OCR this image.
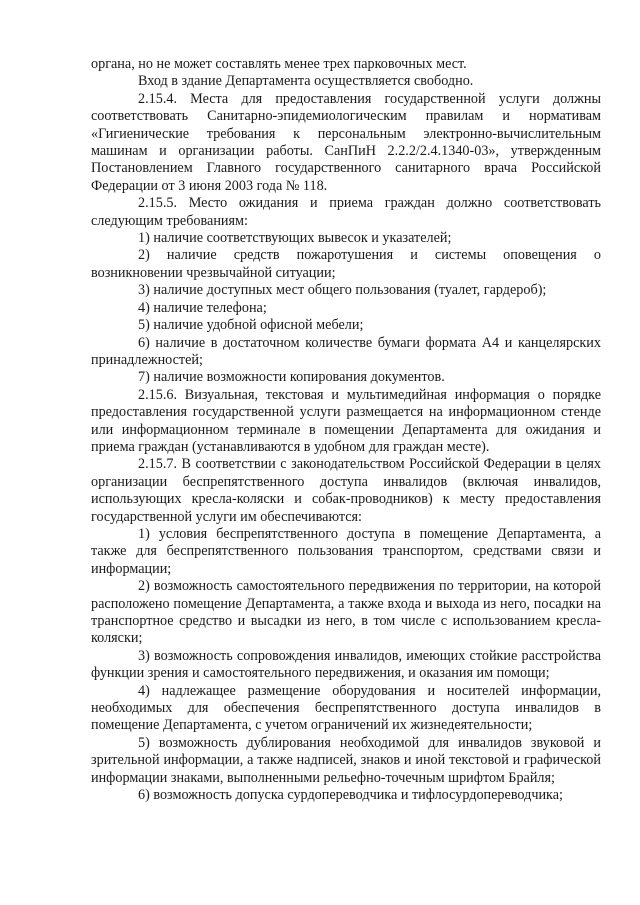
органа, но не может составлять менее трех парковочных мест.

Вход в здание Департамента осуществляется свободно.

2.15.4. Места для предоставления государственной услуги должны соответствовать Санитарно-эпидемиологическим правилам и нормативам «Гигиенические требования к персональным электронно-вычислительным машинам и организации работы. СанПиН 2.2.2/2.4.1340-03», утвержденным Постановлением Главного государственного санитарного врача Российской Федерации от 3 июня 2003 года № 118.

2.15.5. Место ожидания и приема граждан должно соответствовать следующим требованиям:

1) наличие соответствующих вывесок и указателей;

2) наличие средств пожаротушения и системы оповещения о возникновении чрезвычайной ситуации;

3) наличие доступных мест общего пользования (туалет, гардероб);

4) наличие телефона;

5) наличие удобной офисной мебели;

6) наличие в достаточном количестве бумаги формата А4 и канцелярских принадлежностей;

7) наличие возможности копирования документов.

2.15.6. Визуальная, текстовая и мультимедийная информация о порядке предоставления государственной услуги размещается на информационном стенде или информационном терминале в помещении Департамента для ожидания и приема граждан (устанавливаются в удобном для граждан месте).

2.15.7. В соответствии с законодательством Российской Федерации в целях организации беспрепятственного доступа инвалидов (включая инвалидов, использующих кресла-коляски и собак-проводников) к месту предоставления государственной услуги им обеспечиваются:

1) условия беспрепятственного доступа в помещение Департамента, а также для беспрепятственного пользования транспортом, средствами связи и информации;

2) возможность самостоятельного передвижения по территории, на которой расположено помещение Департамента, а также входа и выхода из него, посадки на транспортное средство и высадки из него, в том числе с использованием кресла-коляски;

3) возможность сопровождения инвалидов, имеющих стойкие расстройства функции зрения и самостоятельного передвижения, и оказания им помощи;

4) надлежащее размещение оборудования и носителей информации, необходимых для обеспечения беспрепятственного доступа инвалидов в помещение Департамента, с учетом ограничений их жизнедеятельности;

5) возможность дублирования необходимой для инвалидов звуковой и зрительной информации, а также надписей, знаков и иной текстовой и графической информации знаками, выполненными рельефно-точечным шрифтом Брайля;

6) возможность допуска сурдопереводчика и тифлосурдопереводчика;
